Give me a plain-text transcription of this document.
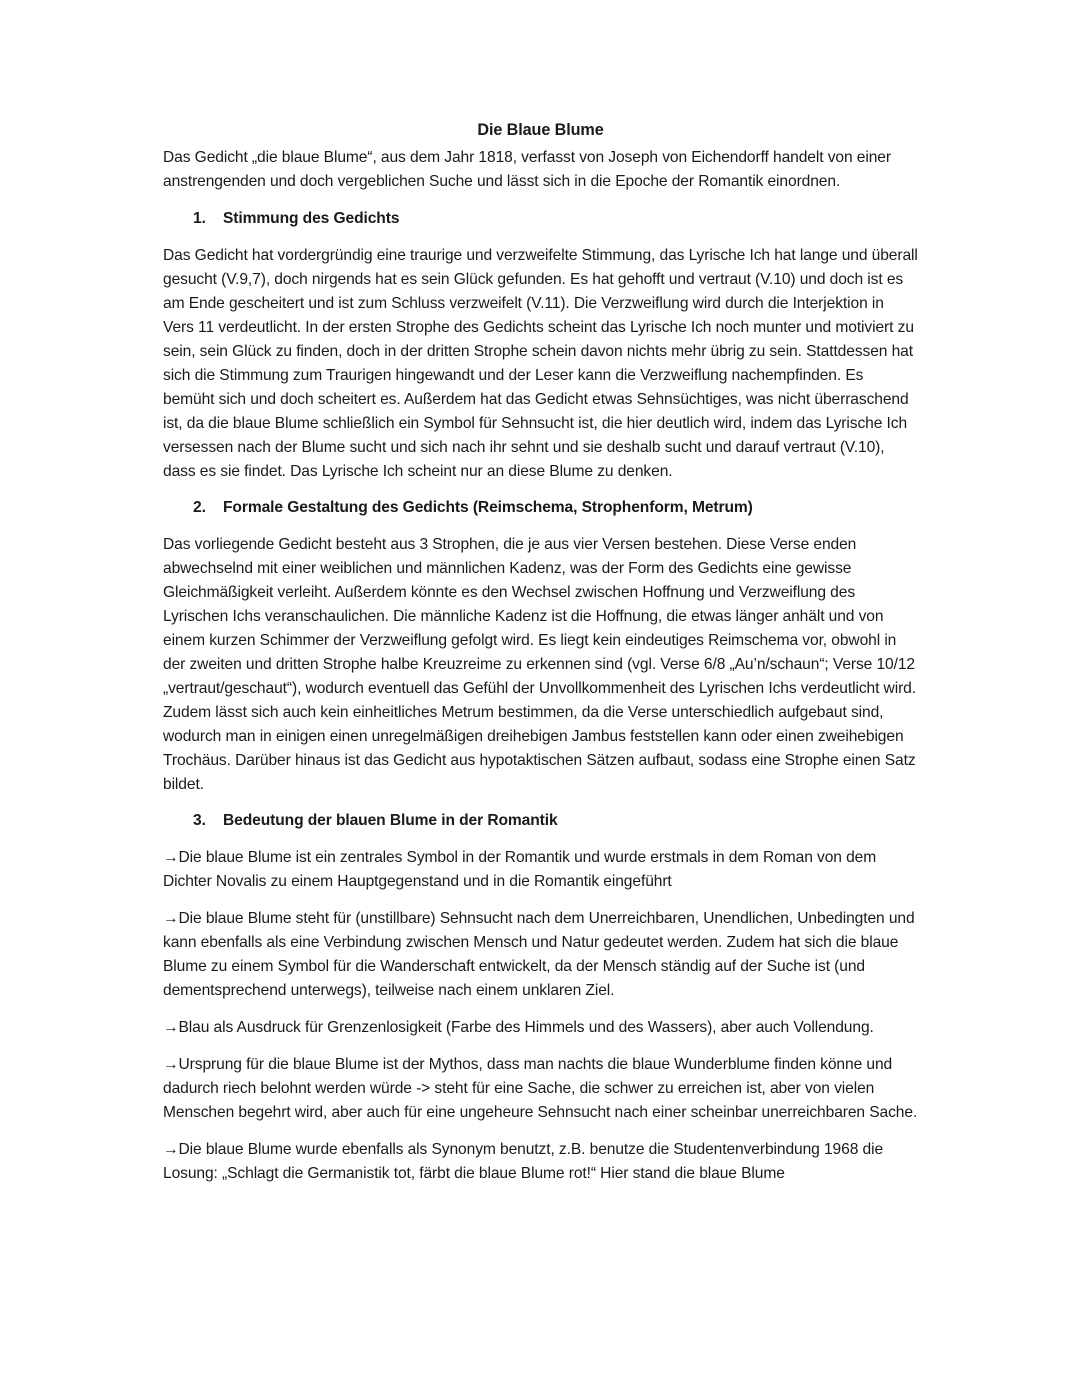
Die Blaue Blume

Das Gedicht „die blaue Blume“, aus dem Jahr 1818, verfasst von Joseph von Eichendorff handelt von einer anstrengenden und doch vergeblichen Suche und lässt sich in die Epoche der Romantik einordnen.

1. Stimmung des Gedichts

Das Gedicht hat vordergründig eine traurige und verzweifelte Stimmung, das Lyrische Ich hat lange und überall gesucht (V.9,7), doch nirgends hat es sein Glück gefunden. Es hat gehofft und vertraut (V.10) und doch ist es am Ende gescheitert und ist zum Schluss verzweifelt (V.11). Die Verzweiflung wird durch die Interjektion in Vers 11 verdeutlicht. In der ersten Strophe des Gedichts scheint das Lyrische Ich noch munter und motiviert zu sein, sein Glück zu finden, doch in der dritten Strophe schein davon nichts mehr übrig zu sein. Stattdessen hat sich die Stimmung zum Traurigen hingewandt und der Leser kann die Verzweiflung nachempfinden. Es bemüht sich und doch scheitert es. Außerdem hat das Gedicht etwas Sehnsüchtiges, was nicht überraschend ist, da die blaue Blume schließlich ein Symbol für Sehnsucht ist, die hier deutlich wird, indem das Lyrische Ich versessen nach der Blume sucht und sich nach ihr sehnt und sie deshalb sucht und darauf vertraut (V.10), dass es sie findet. Das Lyrische Ich scheint nur an diese Blume zu denken.

2. Formale Gestaltung des Gedichts (Reimschema, Strophenform, Metrum)

Das vorliegende Gedicht besteht aus 3 Strophen, die je aus vier Versen bestehen. Diese Verse enden abwechselnd mit einer weiblichen und männlichen Kadenz, was der Form des Gedichts eine gewisse Gleichmäßigkeit verleiht. Außerdem könnte es den Wechsel zwischen Hoffnung und Verzweiflung des Lyrischen Ichs veranschaulichen. Die männliche Kadenz ist die Hoffnung, die etwas länger anhält und von einem kurzen Schimmer der Verzweiflung gefolgt wird. Es liegt kein eindeutiges Reimschema vor, obwohl in der zweiten und dritten Strophe halbe Kreuzreime zu erkennen sind (vgl. Verse 6/8 „Au’n/schaun“; Verse 10/12 „vertraut/geschaut“), wodurch eventuell das Gefühl der Unvollkommenheit des Lyrischen Ichs verdeutlicht wird. Zudem lässt sich auch kein einheitliches Metrum bestimmen, da die Verse unterschiedlich aufgebaut sind, wodurch man in einigen einen unregelmäßigen dreihebigen Jambus feststellen kann oder einen zweihebigen Trochäus. Darüber hinaus ist das Gedicht aus hypotaktischen Sätzen aufbaut, sodass eine Strophe einen Satz bildet.

3. Bedeutung der blauen Blume in der Romantik

→Die blaue Blume ist ein zentrales Symbol in der Romantik und wurde erstmals in dem Roman von dem Dichter Novalis zu einem Hauptgegenstand und in die Romantik eingeführt

→Die blaue Blume steht für (unstillbare) Sehnsucht nach dem Unerreichbaren, Unendlichen, Unbedingten und kann ebenfalls als eine Verbindung zwischen Mensch und Natur gedeutet werden. Zudem hat sich die blaue Blume zu einem Symbol für die Wanderschaft entwickelt, da der Mensch ständig auf der Suche ist (und dementsprechend unterwegs), teilweise nach einem unklaren Ziel.

→Blau als Ausdruck für Grenzenlosigkeit (Farbe des Himmels und des Wassers), aber auch Vollendung.

→Ursprung für die blaue Blume ist der Mythos, dass man nachts die blaue Wunderblume finden könne und dadurch riech belohnt werden würde -> steht für eine Sache, die schwer zu erreichen ist, aber von vielen Menschen begehrt wird, aber auch für eine ungeheure Sehnsucht nach einer scheinbar unerreichbaren Sache.

→Die blaue Blume wurde ebenfalls als Synonym benutzt, z.B. benutze die Studentenverbindung 1968 die Losung: „Schlagt die Germanistik tot, färbt die blaue Blume rot!“ Hier stand die blaue Blume
